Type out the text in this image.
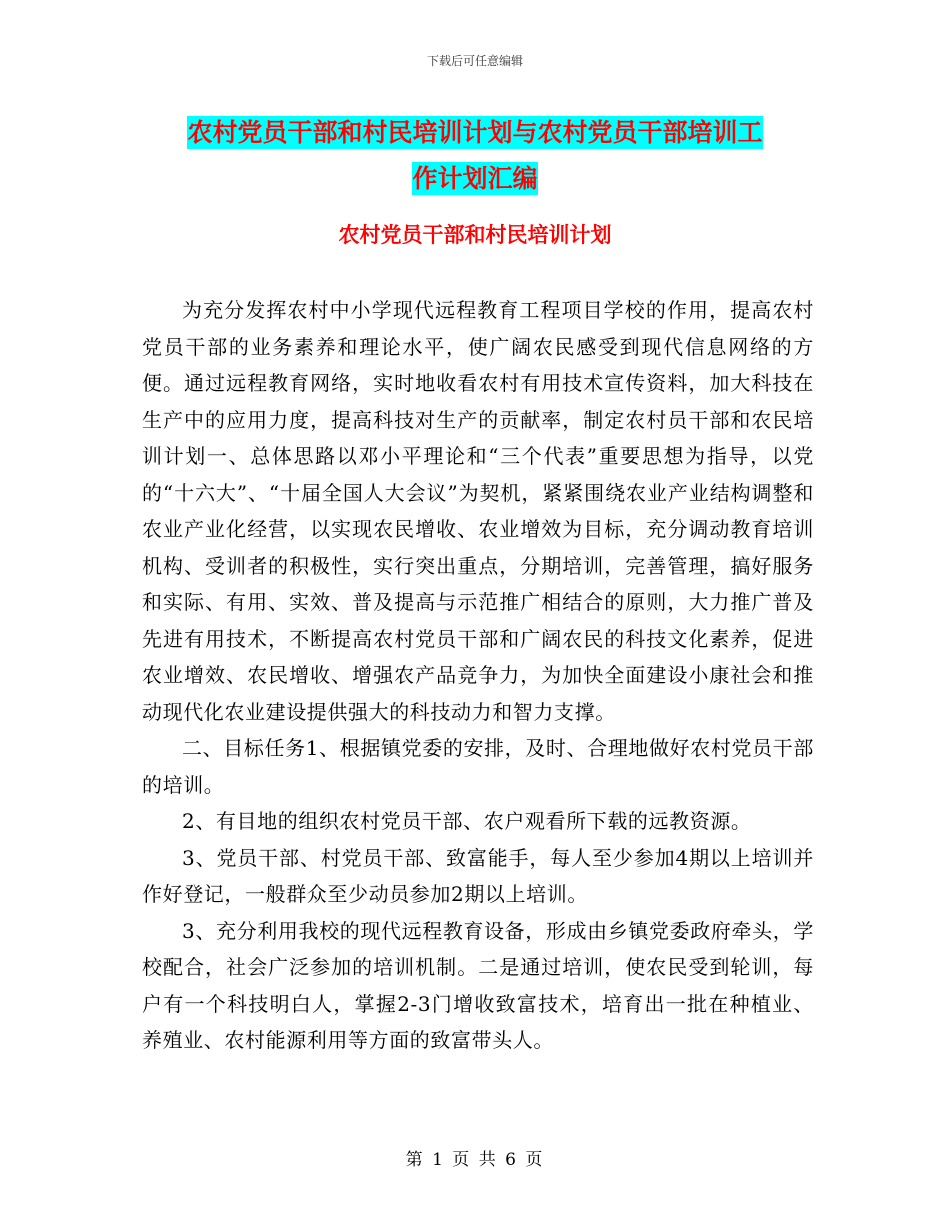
下载后可任意编辑
农村党员干部和村民培训计划与农村党员干部培训工
作计划汇编
农村党员干部和村民培训计划

为充分发挥农村中小学现代远程教育工程项目学校的作用，提高农村党员干部的业务素养和理论水平，使广阔农民感受到现代信息网络的方便。通过远程教育网络，实时地收看农村有用技术宣传资料，加大科技在生产中的应用力度，提高科技对生产的贡献率，制定农村员干部和农民培训计划一、总体思路以邓小平理论和“三个代表”重要思想为指导，以党的“十六大”、“十届全国人大会议”为契机，紧紧围绕农业产业结构调整和农业产业化经营，以实现农民增收、农业增效为目标，充分调动教育培训机构、受训者的积极性，实行突出重点，分期培训，完善管理，搞好服务和实际、有用、实效、普及提高与示范推广相结合的原则，大力推广普及先进有用技术，不断提高农村党员干部和广阔农民的科技文化素养，促进农业增效、农民增收、增强农产品竞争力，为加快全面建设小康社会和推动现代化农业建设提供强大的科技动力和智力支撑。

二、目标任务1、根据镇党委的安排，及时、合理地做好农村党员干部的培训。

2、有目地的组织农村党员干部、农户观看所下载的远教资源。

3、党员干部、村党员干部、致富能手，每人至少参加4期以上培训并作好登记，一般群众至少动员参加2期以上培训。

3、充分利用我校的现代远程教育设备，形成由乡镇党委政府牵头，学校配合，社会广泛参加的培训机制。二是通过培训，使农民受到轮训，每户有一个科技明白人，掌握2-3门增收致富技术，培育出一批在种植业、养殖业、农村能源利用等方面的致富带头人。

第 1 页 共 6 页
